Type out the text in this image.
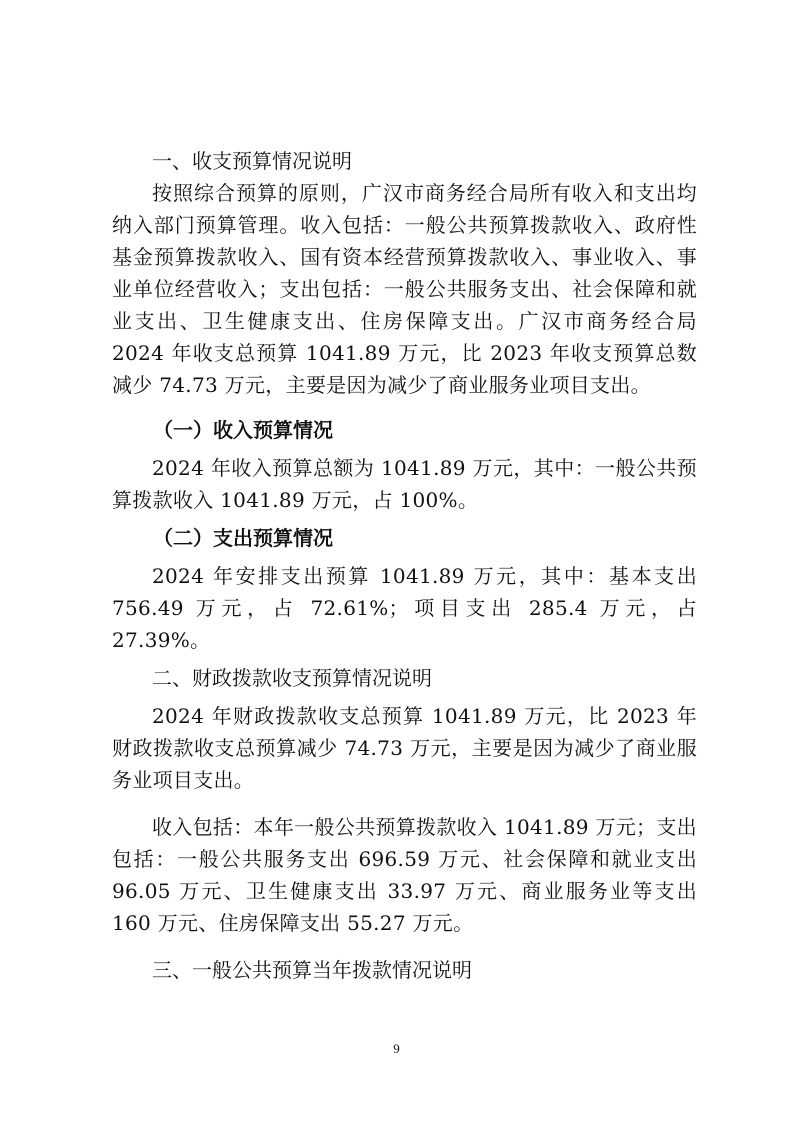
一、收支预算情况说明

按照综合预算的原则，广汉市商务经合局所有收入和支出均纳入部门预算管理。收入包括：一般公共预算拨款收入、政府性基金预算拨款收入、国有资本经营预算拨款收入、事业收入、事业单位经营收入；支出包括：一般公共服务支出、社会保障和就业支出、卫生健康支出、住房保障支出。广汉市商务经合局 2024 年收支总预算 1041.89 万元，比 2023 年收支预算总数减少 74.73 万元，主要是因为减少了商业服务业项目支出。

（一）收入预算情况

2024 年收入预算总额为 1041.89 万元，其中：一般公共预算拨款收入 1041.89 万元，占 100%。

（二）支出预算情况

2024 年安排支出预算 1041.89 万元，其中：基本支出 756.49 万元，占 72.61%；项目支出 285.4 万元，占 27.39%。

二、财政拨款收支预算情况说明

2024 年财政拨款收支总预算 1041.89 万元，比 2023 年财政拨款收支总预算减少 74.73 万元，主要是因为减少了商业服务业项目支出。

收入包括：本年一般公共预算拨款收入 1041.89 万元；支出包括：一般公共服务支出 696.59 万元、社会保障和就业支出 96.05 万元、卫生健康支出 33.97 万元、商业服务业等支出 160 万元、住房保障支出 55.27 万元。

三、一般公共预算当年拨款情况说明
9
